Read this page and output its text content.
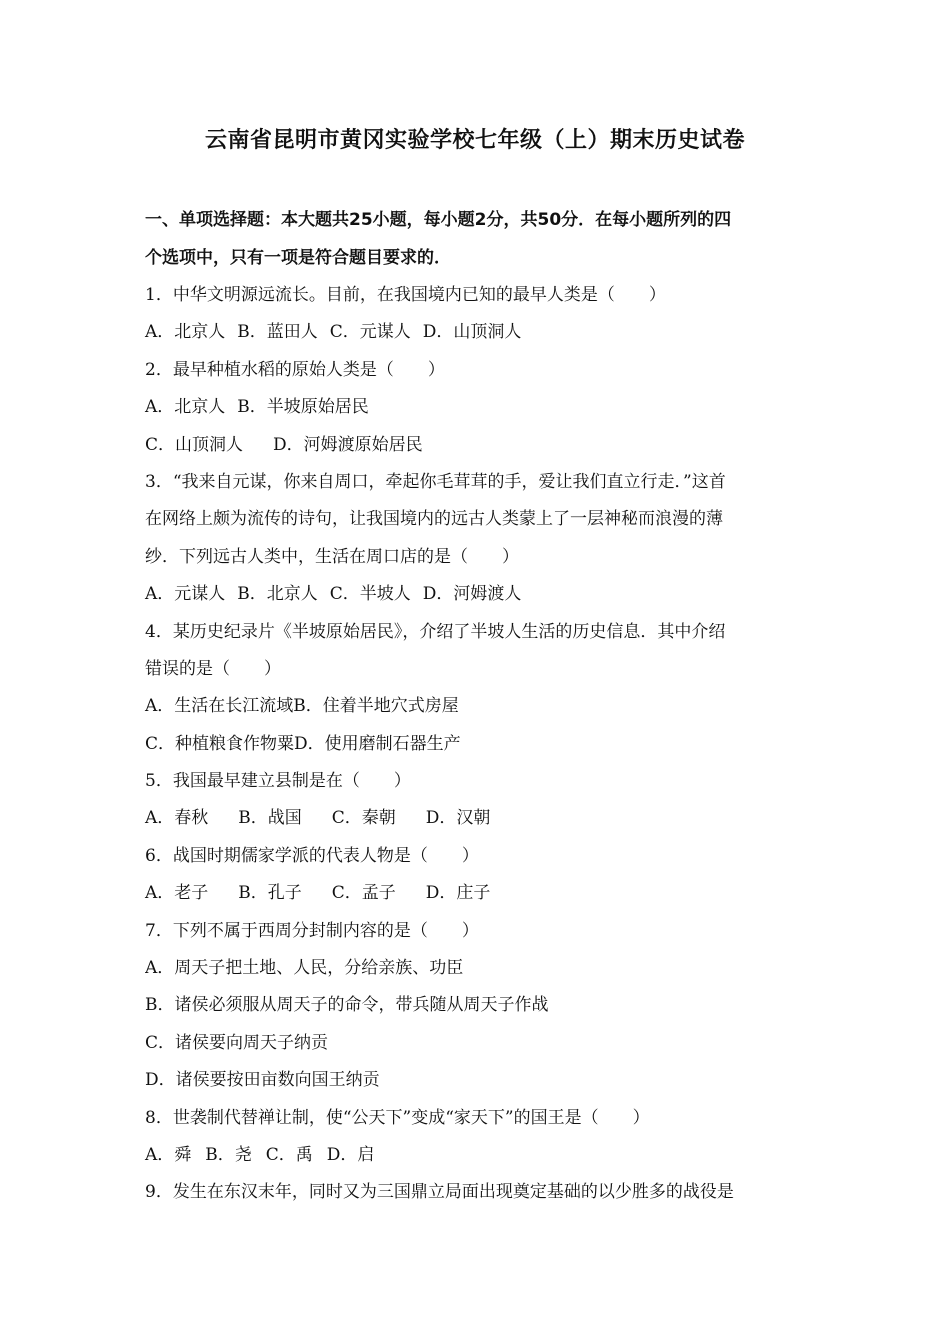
云南省昆明市黄冈实验学校七年级（上）期末历史试卷
一、单项选择题：本大题共25小题，每小题2分，共50分．在每小题所列的四
个选项中，只有一项是符合题目要求的．
1．中华文明源远流长。目前，在我国境内已知的最早人类是（　　）
A．北京人 B．蓝田人 C．元谋人 D．山顶洞人
2．最早种植水稻的原始人类是（　　）
A．北京人 B．半坡原始居民
C．山顶洞人 D．河姆渡原始居民
3．“我来自元谋，你来自周口，牵起你毛茸茸的手，爱让我们直立行走．”这首
在网络上颇为流传的诗句，让我国境内的远古人类蒙上了一层神秘而浪漫的薄
纱．下列远古人类中，生活在周口店的是（　　）
A．元谋人 B．北京人 C．半坡人 D．河姆渡人
4．某历史纪录片《半坡原始居民》，介绍了半坡人生活的历史信息．其中介绍
错误的是（　　）
A．生活在长江流域 B．住着半地穴式房屋
C．种植粮食作物粟 D．使用磨制石器生产
5．我国最早建立县制是在（　　）
A．春秋 B．战国 C．秦朝 D．汉朝
6．战国时期儒家学派的代表人物是（　　）
A．老子 B．孔子 C．孟子 D．庄子
7．下列不属于西周分封制内容的是（　　）
A．周天子把土地、人民，分给亲族、功臣
B．诸侯必须服从周天子的命令，带兵随从周天子作战
C．诸侯要向周天子纳贡
D．诸侯要按田亩数向国王纳贡
8．世袭制代替禅让制，使“公天下”变成“家天下”的国王是（　　）
A．舜 B．尧 C．禹 D．启
9．发生在东汉末年，同时又为三国鼎立局面出现奠定基础的以少胜多的战役是
